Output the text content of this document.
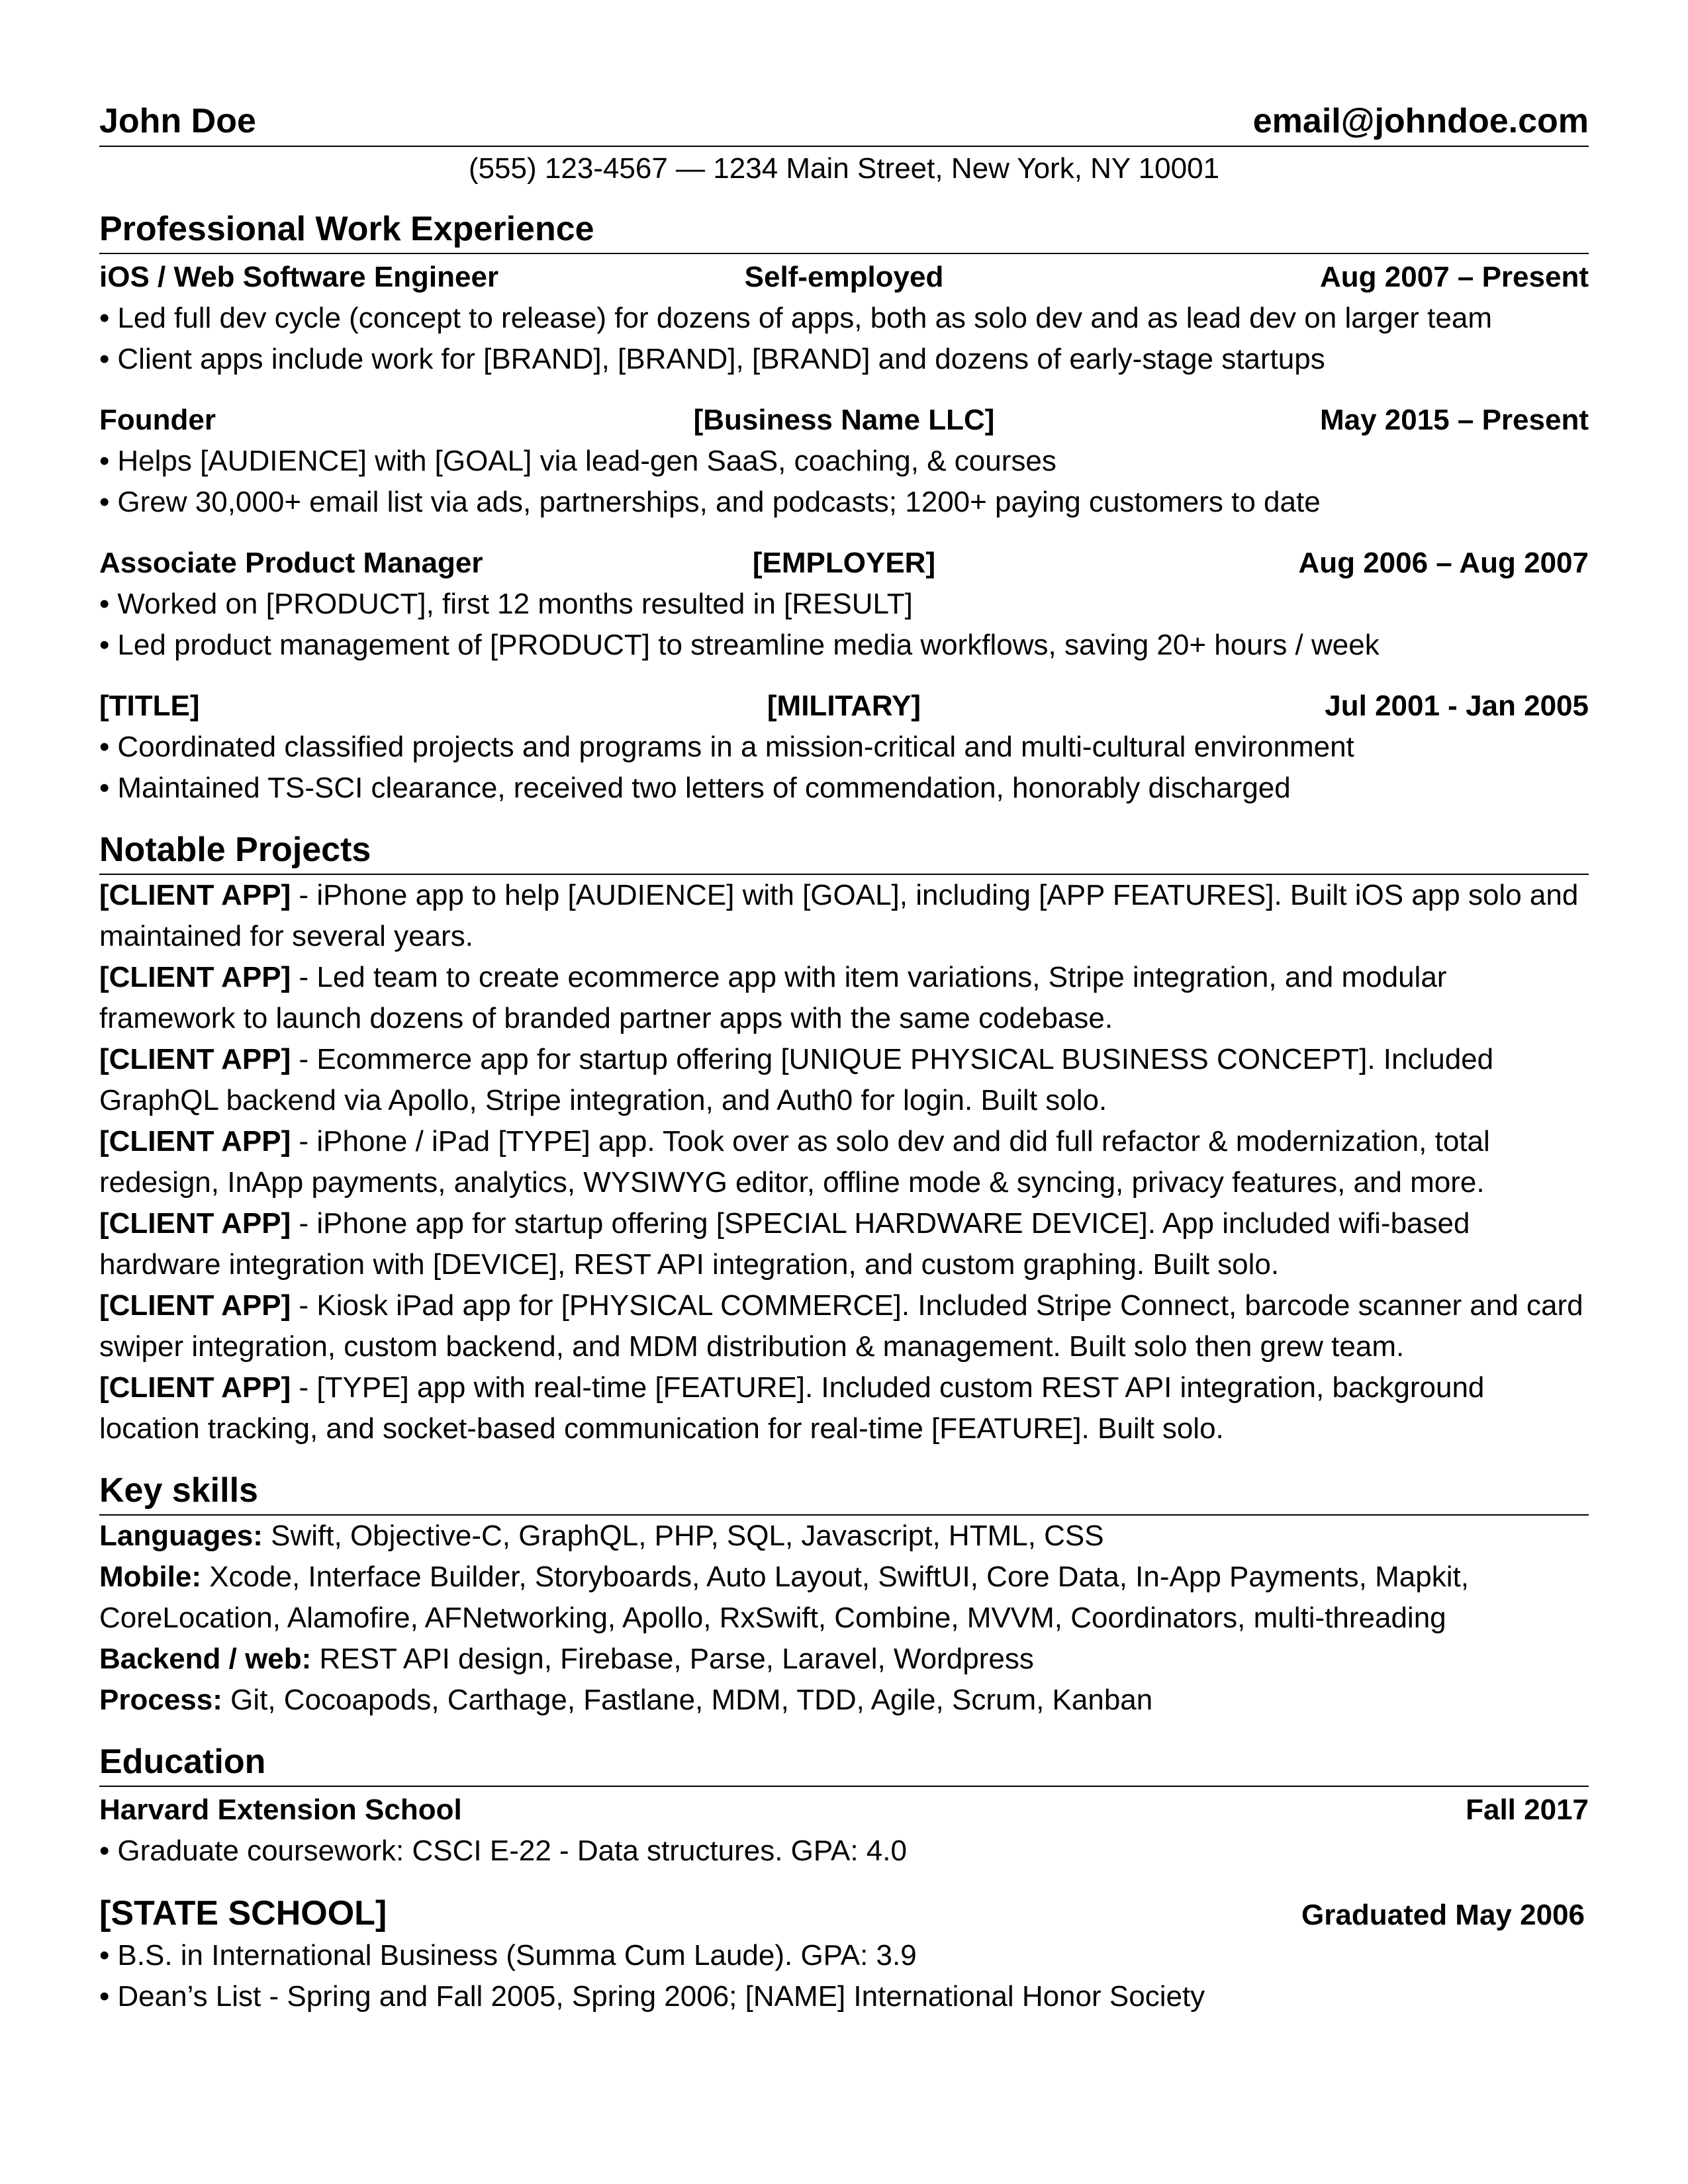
John Doe	email@johndoe.com
(555) 123-4567 — 1234 Main Street, New York, NY 10001
Professional Work Experience
iOS / Web Software Engineer	Self-employed	Aug 2007 – Present
• Led full dev cycle (concept to release) for dozens of apps, both as solo dev and as lead dev on larger team
• Client apps include work for [BRAND], [BRAND], [BRAND] and dozens of early-stage startups
Founder	[Business Name LLC]	May 2015 – Present
• Helps [AUDIENCE] with [GOAL] via lead-gen SaaS, coaching, & courses
• Grew 30,000+ email list via ads, partnerships, and podcasts; 1200+ paying customers to date
Associate Product Manager	[EMPLOYER]	Aug 2006 – Aug 2007
• Worked on [PRODUCT], first 12 months resulted in [RESULT]
• Led product management of [PRODUCT] to streamline media workflows, saving 20+ hours / week
[TITLE]	[MILITARY]	Jul 2001 - Jan 2005
• Coordinated classified projects and programs in a mission-critical and multi-cultural environment
• Maintained TS-SCI clearance, received two letters of commendation, honorably discharged
Notable Projects
[CLIENT APP] - iPhone app to help [AUDIENCE] with [GOAL], including [APP FEATURES]. Built iOS app solo and maintained for several years.
[CLIENT APP] - Led team to create ecommerce app with item variations, Stripe integration, and modular framework to launch dozens of branded partner apps with the same codebase.
[CLIENT APP] - Ecommerce app for startup offering [UNIQUE PHYSICAL BUSINESS CONCEPT]. Included GraphQL backend via Apollo, Stripe integration, and Auth0 for login. Built solo.
[CLIENT APP] - iPhone / iPad [TYPE] app. Took over as solo dev and did full refactor & modernization, total redesign, InApp payments, analytics, WYSIWYG editor, offline mode & syncing, privacy features, and more.
[CLIENT APP] - iPhone app for startup offering [SPECIAL HARDWARE DEVICE]. App included wifi-based hardware integration with [DEVICE], REST API integration, and custom graphing. Built solo.
[CLIENT APP] - Kiosk iPad app for [PHYSICAL COMMERCE]. Included Stripe Connect, barcode scanner and card swiper integration, custom backend, and MDM distribution & management. Built solo then grew team.
[CLIENT APP] - [TYPE] app with real-time [FEATURE]. Included custom REST API integration, background location tracking, and socket-based communication for real-time [FEATURE]. Built solo.
Key skills
Languages: Swift, Objective-C, GraphQL, PHP, SQL, Javascript, HTML, CSS
Mobile: Xcode, Interface Builder, Storyboards, Auto Layout, SwiftUI, Core Data, In-App Payments, Mapkit, CoreLocation, Alamofire, AFNetworking, Apollo, RxSwift, Combine, MVVM, Coordinators, multi-threading
Backend / web: REST API design, Firebase, Parse, Laravel, Wordpress
Process: Git, Cocoapods, Carthage, Fastlane, MDM, TDD, Agile, Scrum, Kanban
Education
Harvard Extension School	Fall 2017
• Graduate coursework: CSCI E-22 - Data structures. GPA: 4.0
[STATE SCHOOL]	Graduated May 2006
• B.S. in International Business (Summa Cum Laude). GPA: 3.9
• Dean’s List - Spring and Fall 2005, Spring 2006; [NAME] International Honor Society
